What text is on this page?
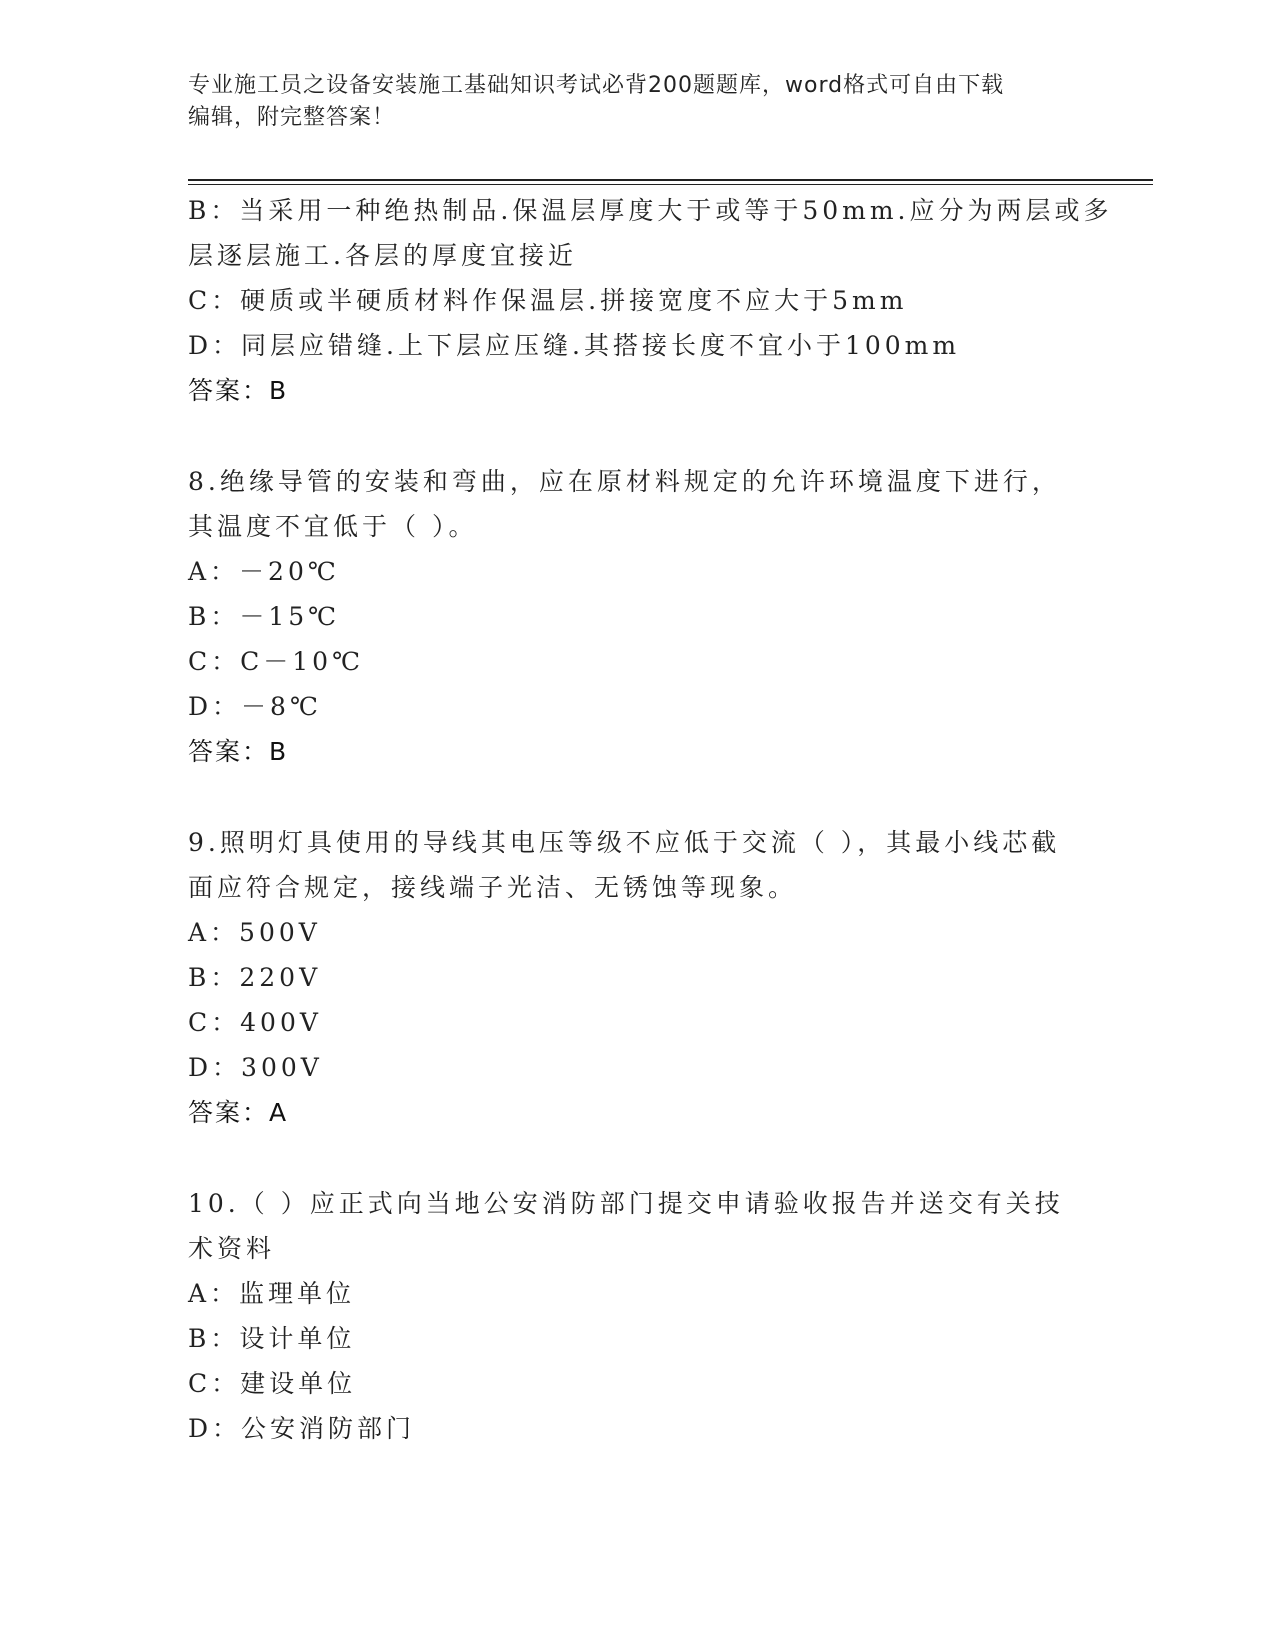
专业施工员之设备安装施工基础知识考试必背200题题库，word格式可自由下载
编辑，附完整答案！
B：当采用一种绝热制品.保温层厚度大于或等于50mm.应分为两层或多
层逐层施工.各层的厚度宜接近
C：硬质或半硬质材料作保温层.拼接宽度不应大于5mm
D：同层应错缝.上下层应压缝.其搭接长度不宜小于100mm
答案：B
8.绝缘导管的安装和弯曲，应在原材料规定的允许环境温度下进行，
其温度不宜低于（ ）。
A：－20℃
B：－15℃
C：C－10℃
D：－8℃
答案：B
9.照明灯具使用的导线其电压等级不应低于交流（ ），其最小线芯截
面应符合规定，接线端子光洁、无锈蚀等现象。
A：500V
B：220V
C：400V
D：300V
答案：A
10.（ ）应正式向当地公安消防部门提交申请验收报告并送交有关技
术资料
A：监理单位
B：设计单位
C：建设单位
D：公安消防部门
